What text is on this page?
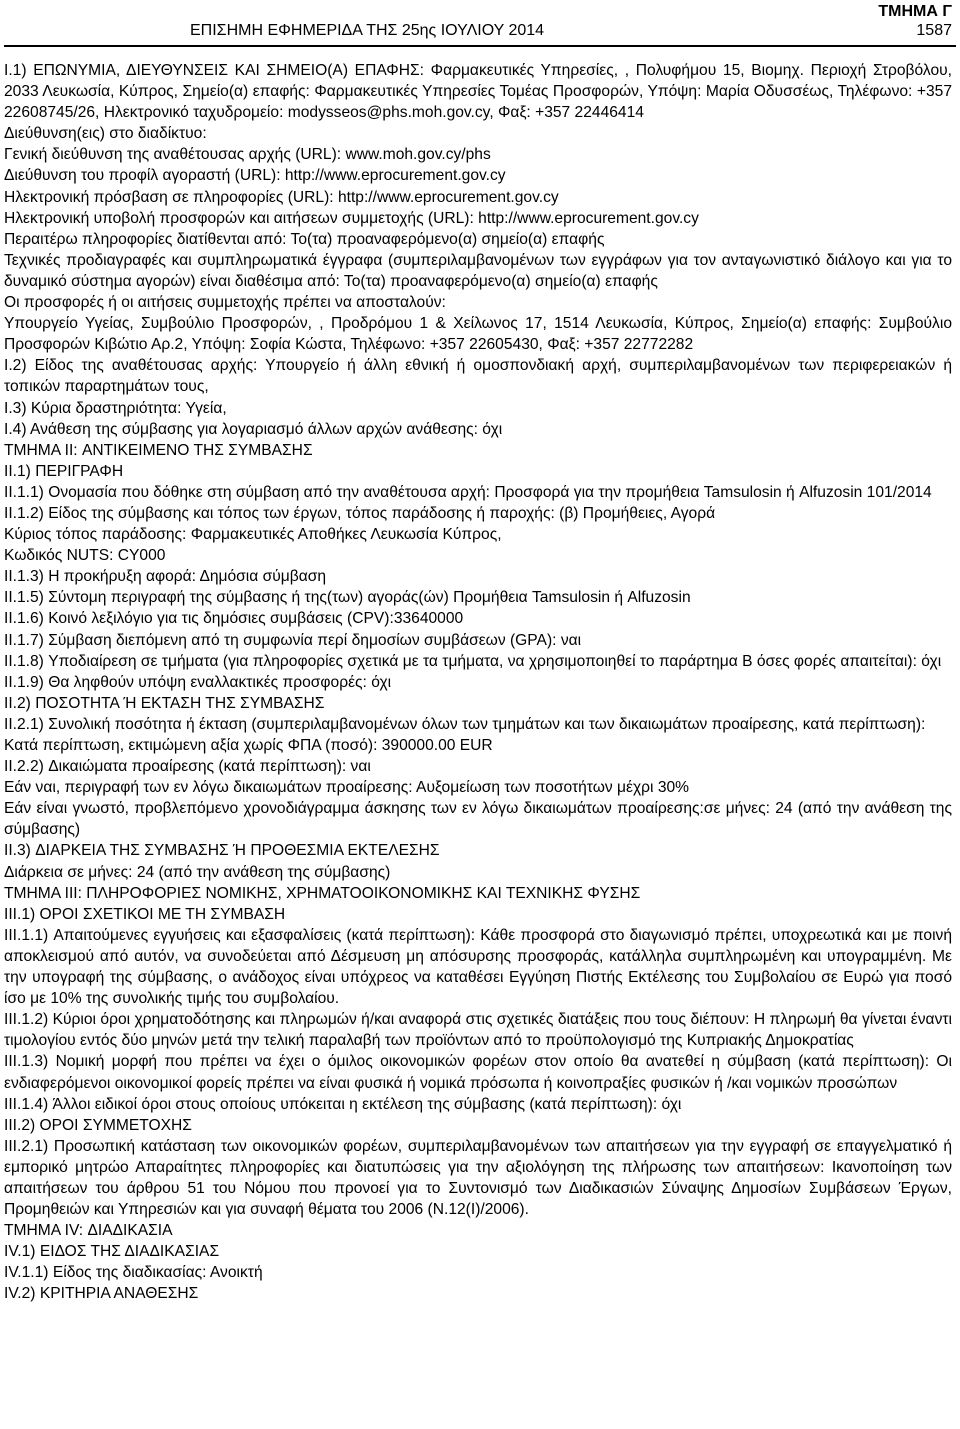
ΕΠΙΣΗΜΗ ΕΦΗΜΕΡΙΔΑ ΤΗΣ 25ης ΙΟΥΛΙΟΥ 2014
ΤΜΗΜΑ Γ
1587

Ι.1) ΕΠΩΝΥΜΙΑ, ΔΙΕΥΘΥΝΣΕΙΣ ΚΑΙ ΣΗΜΕΙΟ(Α) ΕΠΑΦΗΣ: Φαρμακευτικές Υπηρεσίες, , Πολυφήμου 15, Βιομηχ. Περιοχή Στροβόλου, 2033 Λευκωσία, Κύπρος, Σημείο(α) επαφής: Φαρμακευτικές Υπηρεσίες Τομέας Προσφορών, Υπόψη: Μαρία Οδυσσέως, Τηλέφωνο: +357 22608745/26, Ηλεκτρονικό ταχυδρομείο: modysseos@phs.moh.gov.cy, Φαξ: +357 22446414

Διεύθυνση(εις) στο διαδίκτυο:

Γενική διεύθυνση της αναθέτουσας αρχής (URL): www.moh.gov.cy/phs

Διεύθυνση του προφίλ αγοραστή (URL): http://www.eprocurement.gov.cy

Ηλεκτρονική πρόσβαση σε πληροφορίες (URL): http://www.eprocurement.gov.cy

Ηλεκτρονική υποβολή προσφορών και αιτήσεων συμμετοχής (URL): http://www.eprocurement.gov.cy

Περαιτέρω πληροφορίες διατίθενται από: Το(τα) προαναφερόμενο(α) σημείο(α) επαφής

Τεχνικές προδιαγραφές και συμπληρωματικά έγγραφα (συμπεριλαμβανομένων των εγγράφων για τον ανταγωνιστικό διάλογο και για το δυναμικό σύστημα αγορών) είναι διαθέσιμα από: Το(τα) προαναφερόμενο(α) σημείο(α) επαφής

Οι προσφορές ή οι αιτήσεις συμμετοχής πρέπει να αποσταλούν:

Υπουργείο Υγείας, Συμβούλιο Προσφορών, , Προδρόμου 1 & Χείλωνος 17, 1514 Λευκωσία, Κύπρος, Σημείο(α) επαφής: Συμβούλιο Προσφορών Κιβώτιο Αρ.2, Υπόψη: Σοφία Κώστα, Τηλέφωνο: +357 22605430, Φαξ: +357 22772282

Ι.2) Είδος της αναθέτουσας αρχής: Υπουργείο ή άλλη εθνική ή ομοσπονδιακή αρχή, συμπεριλαμβανομένων των περιφερειακών ή τοπικών παραρτημάτων τους,

Ι.3) Κύρια δραστηριότητα: Υγεία,

Ι.4) Ανάθεση της σύμβασης για λογαριασμό άλλων αρχών ανάθεσης: όχι

ΤΜΗΜΑ II: ΑΝΤΙΚΕΙΜΕΝΟ ΤΗΣ ΣΥΜΒΑΣΗΣ

II.1) ΠΕΡΙΓΡΑΦΗ

II.1.1) Ονομασία που δόθηκε στη σύμβαση από την αναθέτουσα αρχή: Προσφορά για την προμήθεια Tamsulosin ή Alfuzosin 101/2014

II.1.2) Είδος της σύμβασης και τόπος των έργων, τόπος παράδοσης ή παροχής: (β) Προμήθειες, Αγορά

Κύριος τόπος παράδοσης: Φαρμακευτικές Αποθήκες Λευκωσία Κύπρος,

Κωδικός NUTS: CY000

II.1.3) Η προκήρυξη αφορά: Δημόσια σύμβαση

II.1.5) Σύντομη περιγραφή της σύμβασης ή της(των) αγοράς(ών) Προμήθεια Tamsulosin ή Alfuzosin

II.1.6) Κοινό λεξιλόγιο για τις δημόσιες συμβάσεις (CPV):33640000

II.1.7) Σύμβαση διεπόμενη από τη συμφωνία περί δημοσίων συμβάσεων (GPA): ναι

II.1.8) Υποδιαίρεση σε τμήματα (για πληροφορίες σχετικά με τα τμήματα, να χρησιμοποιηθεί το παράρτημα B όσες φορές απαιτείται): όχι

II.1.9) Θα ληφθούν υπόψη εναλλακτικές προσφορές: όχι

II.2) ΠΟΣΟΤΗΤΑ Ή ΕΚΤΑΣΗ ΤΗΣ ΣΥΜΒΑΣΗΣ

II.2.1) Συνολική ποσότητα ή έκταση (συμπεριλαμβανομένων όλων των τμημάτων και των δικαιωμάτων προαίρεσης, κατά περίπτωση):

Κατά περίπτωση, εκτιμώμενη αξία χωρίς ΦΠΑ (ποσό): 390000.00 EUR

II.2.2) Δικαιώματα προαίρεσης (κατά περίπτωση): ναι

Εάν ναι, περιγραφή των εν λόγω δικαιωμάτων προαίρεσης: Αυξομείωση των ποσοτήτων μέχρι 30%

Εάν είναι γνωστό, προβλεπόμενο χρονοδιάγραμμα άσκησης των εν λόγω δικαιωμάτων προαίρεσης:σε μήνες: 24 (από την ανάθεση της σύμβασης)

II.3) ΔΙΑΡΚΕΙΑ ΤΗΣ ΣΥΜΒΑΣΗΣ Ή ΠΡΟΘΕΣΜΙΑ ΕΚΤΕΛΕΣΗΣ

Διάρκεια σε μήνες: 24 (από την ανάθεση της σύμβασης)

ΤΜΗΜΑ III: ΠΛΗΡΟΦΟΡΙΕΣ ΝΟΜΙΚΗΣ, ΧΡΗΜΑΤΟΟΙΚΟΝΟΜΙΚΗΣ ΚΑΙ ΤΕΧΝΙΚΗΣ ΦΥΣΗΣ

III.1) ΟΡΟΙ ΣΧΕΤΙΚΟΙ ΜΕ ΤΗ ΣΥΜΒΑΣΗ

III.1.1) Απαιτούμενες εγγυήσεις και εξασφαλίσεις (κατά περίπτωση): Κάθε προσφορά στο διαγωνισμό πρέπει, υποχρεωτικά και με ποινή αποκλεισμού από αυτόν, να συνοδεύεται από Δέσμευση μη απόσυρσης προσφοράς, κατάλληλα συμπληρωμένη και υπογραμμένη. Με την υπογραφή της σύμβασης, ο ανάδοχος είναι υπόχρεος να καταθέσει Εγγύηση Πιστής Εκτέλεσης του Συμβολαίου σε Ευρώ για ποσό ίσο με 10% της συνολικής τιμής του συμβολαίου.

III.1.2) Κύριοι όροι χρηματοδότησης και πληρωμών ή/και αναφορά στις σχετικές διατάξεις που τους διέπουν: Η πληρωμή θα γίνεται έναντι τιμολογίου εντός δύο μηνών μετά την τελική παραλαβή των προϊόντων από το προϋπολογισμό της Κυπριακής Δημοκρατίας

III.1.3) Νομική μορφή που πρέπει να έχει ο όμιλος οικονομικών φορέων στον οποίο θα ανατεθεί η σύμβαση (κατά περίπτωση): Οι ενδιαφερόμενοι οικονομικοί φορείς πρέπει να είναι φυσικά ή νομικά πρόσωπα ή κοινοπραξίες φυσικών ή /και νομικών προσώπων

III.1.4) Άλλοι ειδικοί όροι στους οποίους υπόκειται η εκτέλεση της σύμβασης (κατά περίπτωση): όχι

III.2) ΟΡΟΙ ΣΥΜΜΕΤΟΧΗΣ

III.2.1) Προσωπική κατάσταση των οικονομικών φορέων, συμπεριλαμβανομένων των απαιτήσεων για την εγγραφή σε επαγγελματικό ή εμπορικό μητρώο Απαραίτητες πληροφορίες και διατυπώσεις για την αξιολόγηση της πλήρωσης των απαιτήσεων: Ικανοποίηση των απαιτήσεων του άρθρου 51 του Νόμου που προνοεί για το Συντονισμό των Διαδικασιών Σύναψης Δημοσίων Συμβάσεων Έργων, Προμηθειών και Υπηρεσιών και για συναφή θέματα του 2006 (Ν.12(Ι)/2006).

ΤΜΗΜΑ IV: ΔΙΑΔΙΚΑΣΙΑ

IV.1) ΕΙΔΟΣ ΤΗΣ ΔΙΑΔΙΚΑΣΙΑΣ

IV.1.1) Είδος της διαδικασίας: Ανοικτή

IV.2) ΚΡΙΤΗΡΙΑ ΑΝΑΘΕΣΗΣ
